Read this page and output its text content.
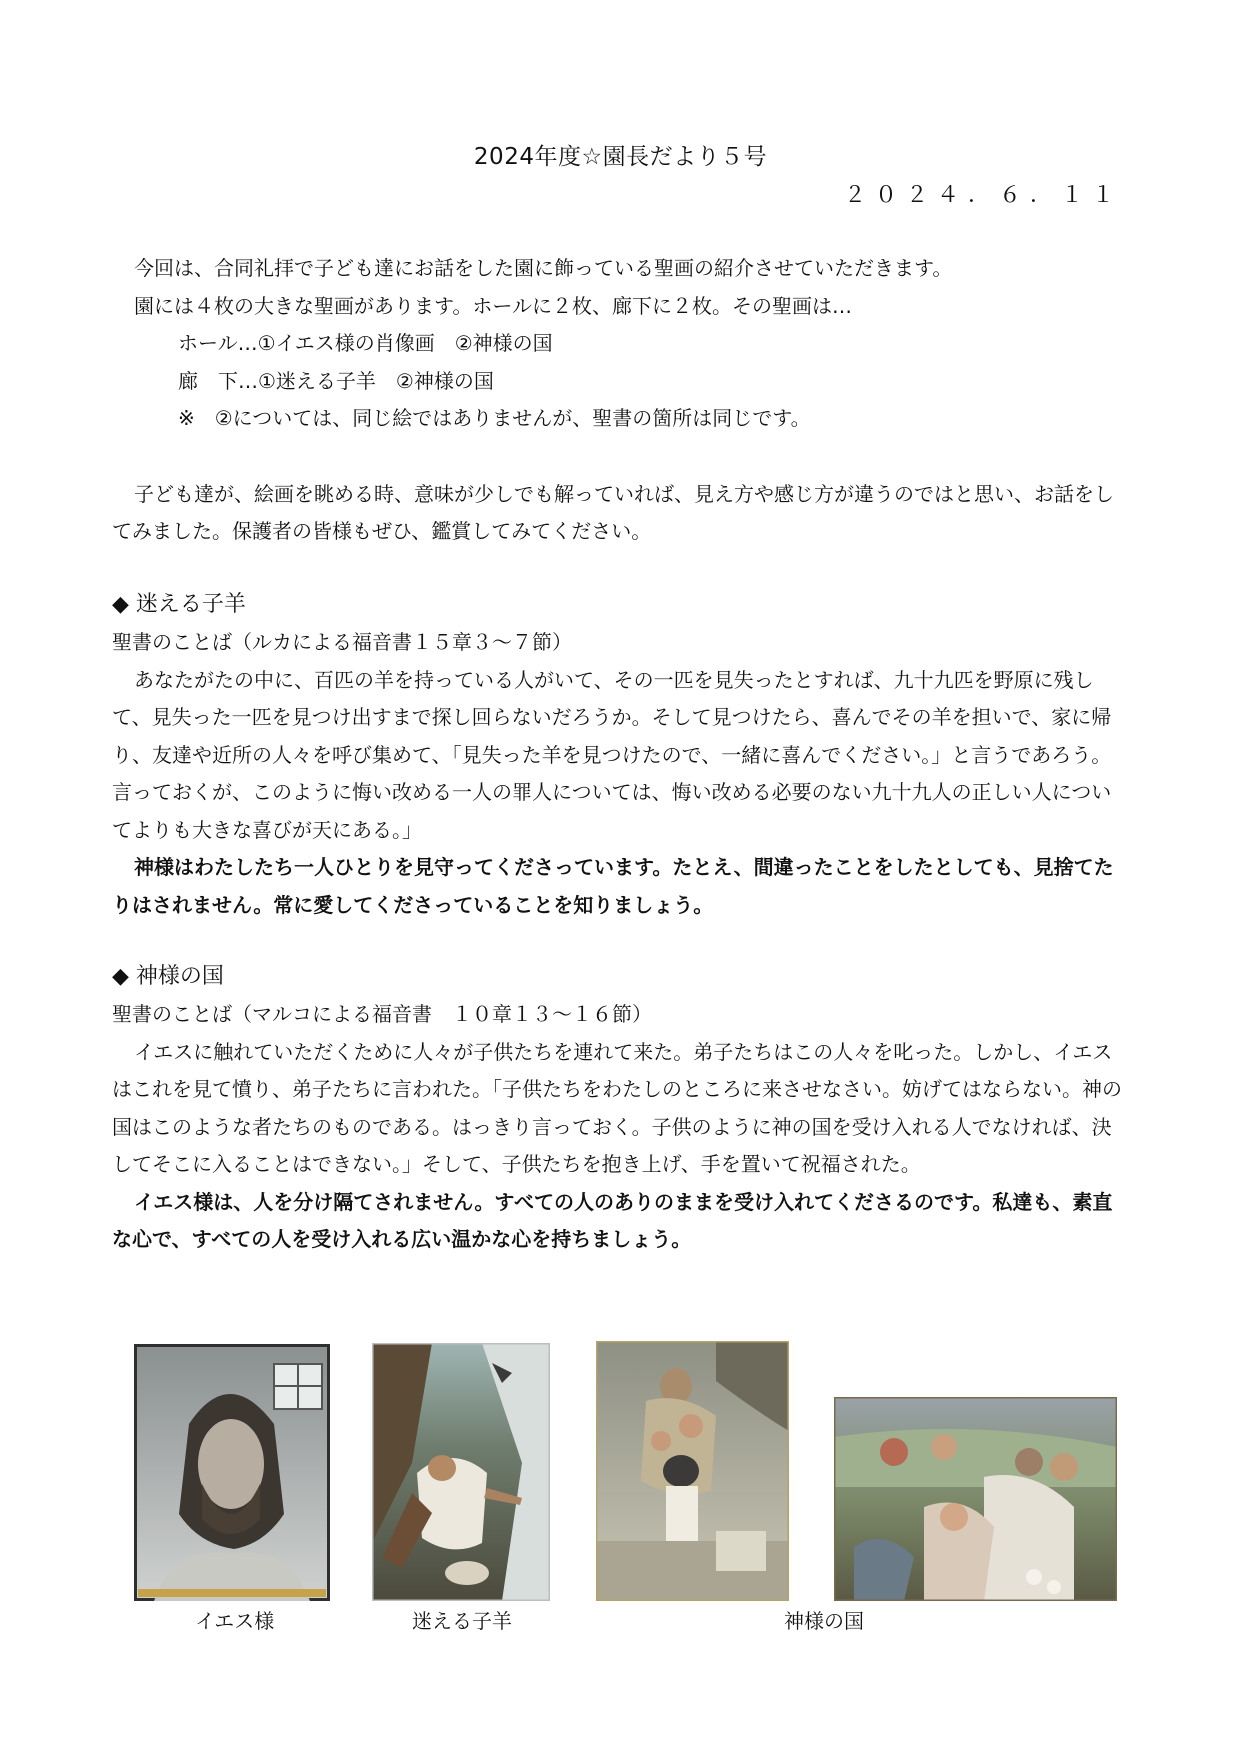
2024年度☆園長だより５号
２０２４．６．１１

今回は、合同礼拝で子ども達にお話をした園に飾っている聖画の紹介させていただきます。

園には４枚の大きな聖画があります。ホールに２枚、廊下に２枚。その聖画は…

ホール…①イエス様の肖像画　②神様の国

廊　下…①迷える子羊　②神様の国

※　②については、同じ絵ではありませんが、聖書の箇所は同じです。

子ども達が、絵画を眺める時、意味が少しでも解っていれば、見え方や感じ方が違うのではと思い、お話をしてみました。保護者の皆様もぜひ、鑑賞してみてください。

◆ 迷える子羊

聖書のことば（ルカによる福音書１５章３～７節）

あなたがたの中に、百匹の羊を持っている人がいて、その一匹を見失ったとすれば、九十九匹を野原に残して、見失った一匹を見つけ出すまで探し回らないだろうか。そして見つけたら、喜んでその羊を担いで、家に帰り、友達や近所の人々を呼び集めて、「見失った羊を見つけたので、一緒に喜んでください。」と言うであろう。言っておくが、このように悔い改める一人の罪人については、悔い改める必要のない九十九人の正しい人についてよりも大きな喜びが天にある。」

神様はわたしたち一人ひとりを見守ってくださっています。たとえ、間違ったことをしたとしても、見捨てたりはされません。常に愛してくださっていることを知りましょう。

◆ 神様の国

聖書のことば（マルコによる福音書　１０章１３～１６節）

イエスに触れていただくために人々が子供たちを連れて来た。弟子たちはこの人々を叱った。しかし、イエスはこれを見て憤り、弟子たちに言われた。「子供たちをわたしのところに来させなさい。妨げてはならない。神の国はこのような者たちのものである。はっきり言っておく。子供のように神の国を受け入れる人でなければ、決してそこに入ることはできない。」そして、子供たちを抱き上げ、手を置いて祝福された。

イエス様は、人を分け隔てされません。すべての人のありのままを受け入れてくださるのです。私達も、素直な心で、すべての人を受け入れる広い温かな心を持ちましょう。

イエス様	迷える子羊	神様の国
